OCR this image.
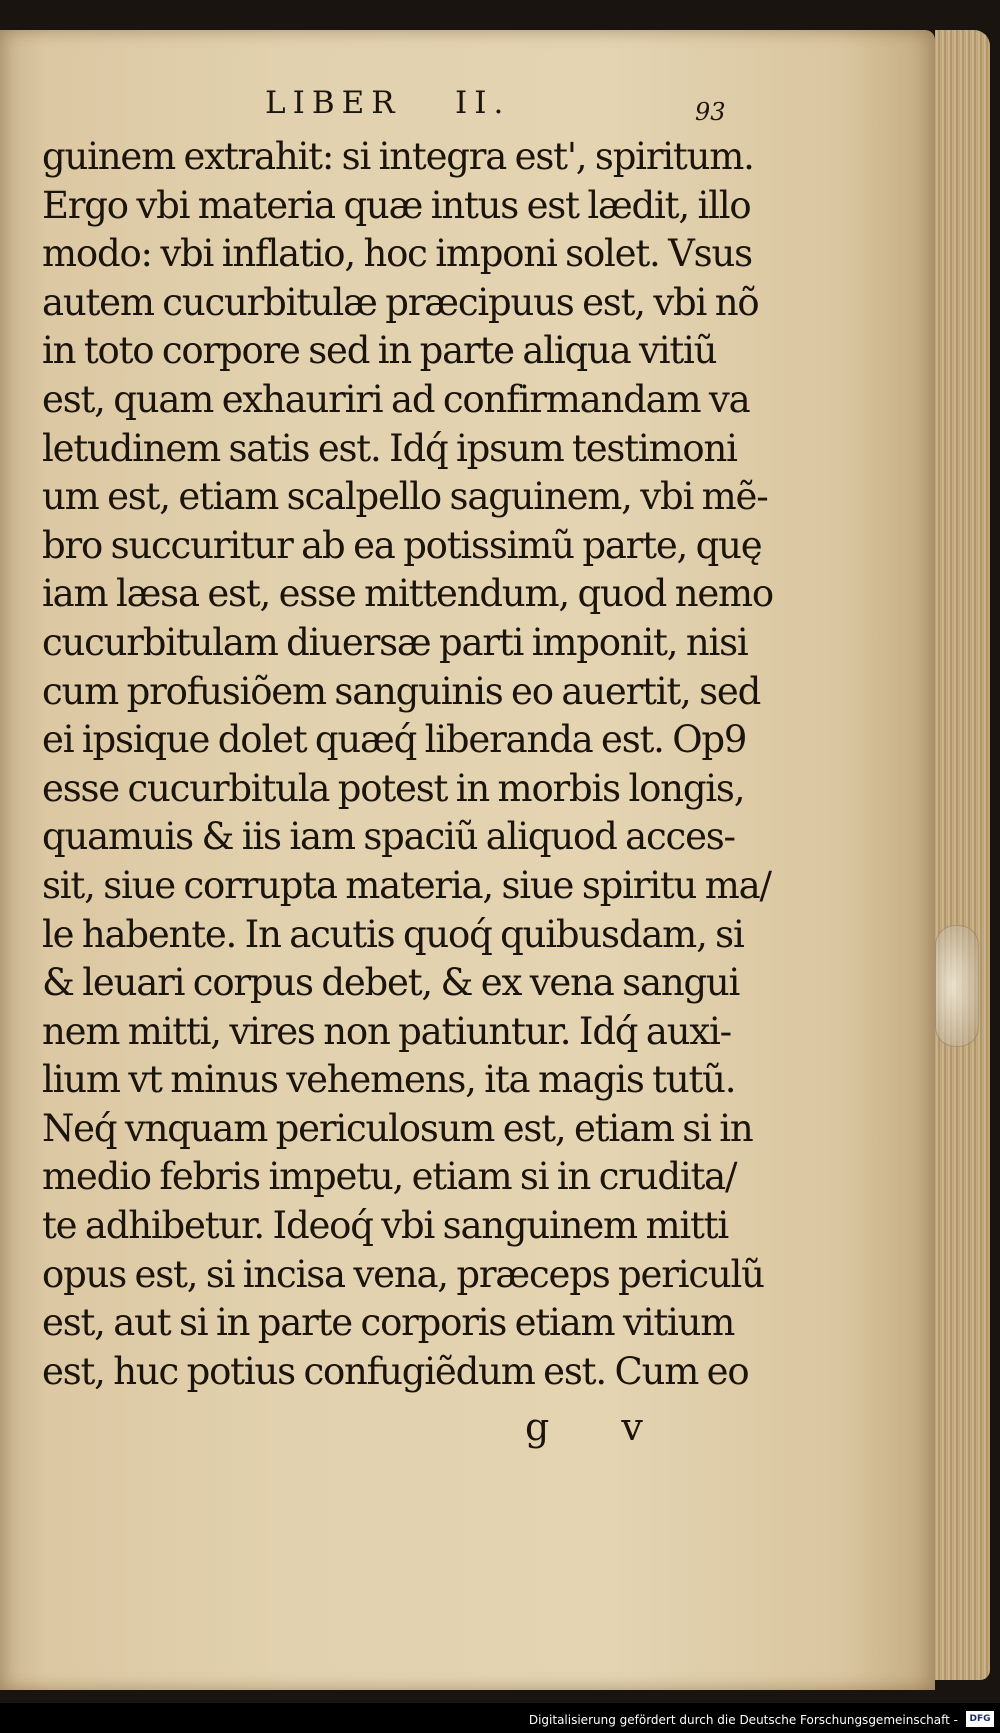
LIBER II.	93
guinem extrahit: si integra est', spiritum.
Ergo vbi materia quæ intus est lædit, illo
modo: vbi inflatio, hoc imponi solet. Vsus
autem cucurbitulæ præcipuus est, vbi nõ
in toto corpore sed in parte aliqua vitiũ
est, quam exhauriri ad confirmandam va
letudinem satis est. Idq́ ipsum testimoni
um est, etiam scalpello saguinem, vbi mẽ-
bro succuritur ab ea potissimũ parte, quę
iam læsa est, esse mittendum, quod nemo
cucurbitulam diuersæ parti imponit, nisi
cum profusiõem sanguinis eo auertit, sed
ei ipsique dolet quæq́ liberanda est. Op9
esse cucurbitula potest in morbis longis,
quamuis & iis iam spaciũ aliquod acces-
sit, siue corrupta materia, siue spiritu ma/
le habente. In acutis quoq́ quibusdam, si
& leuari corpus debet, & ex vena sangui
nem mitti, vires non patiuntur. Idq́ auxi-
lium vt minus vehemens, ita magis tutũ.
Neq́ vnquam periculosum est, etiam si in
medio febris impetu, etiam si in crudita/
te adhibetur. Ideoq́ vbi sanguinem mitti
opus est, si incisa vena, præceps periculũ
est, aut si in parte corporis etiam vitium
est, huc potius confugiẽdum est. Cum eo
g v
Digitalisierung gefördert durch die Deutsche Forschungsgemeinschaft -	DFG
